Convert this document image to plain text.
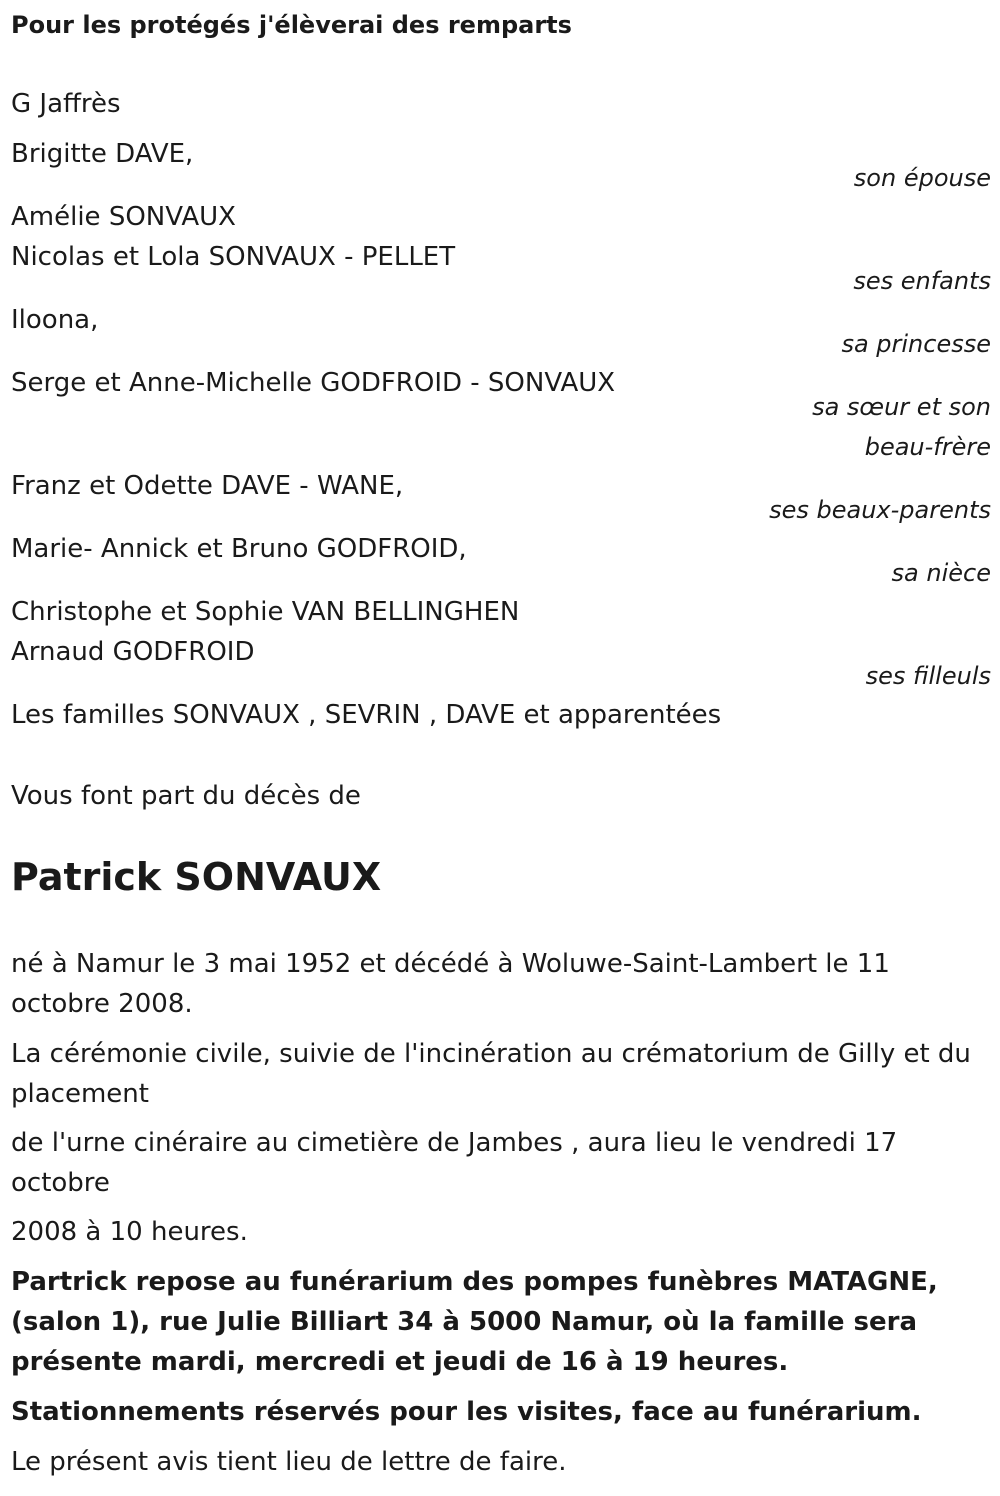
Pour les protégés j'élèverai des remparts
G Jaffrès
Brigitte DAVE,
son épouse
Amélie SONVAUX
Nicolas et Lola SONVAUX - PELLET
ses enfants
Iloona,
sa princesse
Serge et Anne-Michelle GODFROID - SONVAUX
sa sœur et son
beau-frère
Franz et Odette DAVE - WANE,
ses beaux-parents
Marie- Annick et Bruno GODFROID,
sa nièce
Christophe et Sophie VAN BELLINGHEN
Arnaud GODFROID
ses filleuls
Les familles SONVAUX , SEVRIN , DAVE et apparentées
Vous font part du décès de
Patrick SONVAUX
né à Namur le 3 mai 1952 et décédé à Woluwe-Saint-Lambert le 11 octobre 2008.
La cérémonie civile, suivie de l'incinération au crématorium de Gilly et du placement
de l'urne cinéraire au cimetière de Jambes , aura lieu le vendredi 17 octobre
2008 à 10 heures.
Partrick repose au funérarium des pompes funèbres MATAGNE, (salon 1), rue Julie Billiart 34 à 5000 Namur, où la famille sera présente mardi, mercredi et jeudi de 16 à 19 heures.
Stationnements réservés pour les visites, face au funérarium.
Le présent avis tient lieu de lettre de faire.
